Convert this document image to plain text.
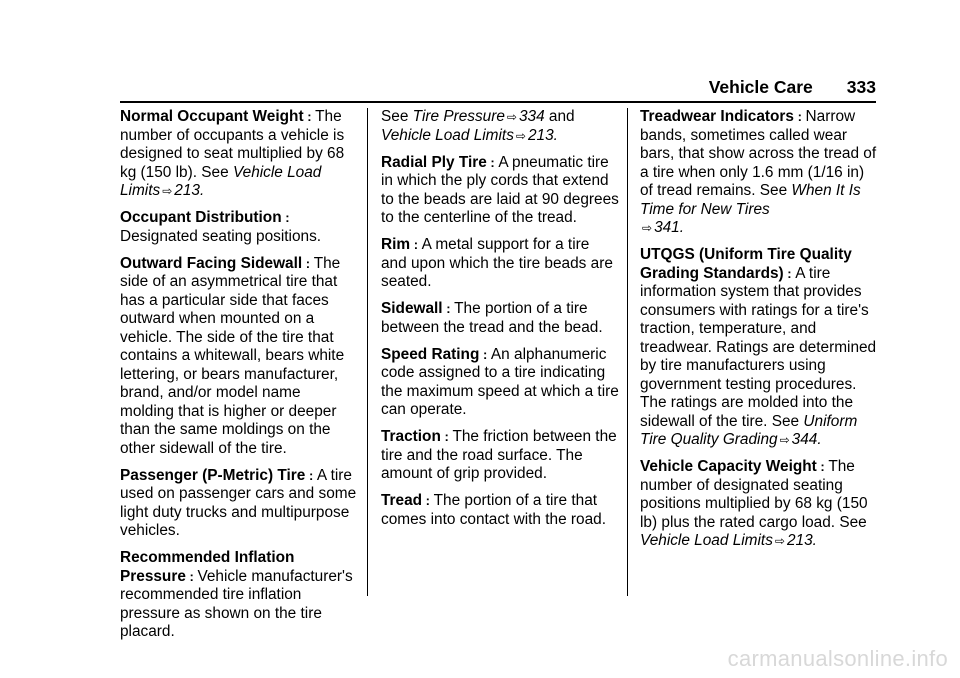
Vehicle Care 333

Normal Occupant Weight : The number of occupants a vehicle is designed to seat multiplied by 68 kg (150 lb). See Vehicle Load Limits ⇨ 213.

Occupant Distribution :
Designated seating positions.

Outward Facing Sidewall : The side of an asymmetrical tire that has a particular side that faces outward when mounted on a vehicle. The side of the tire that contains a whitewall, bears white lettering, or bears manufacturer, brand, and/or model name molding that is higher or deeper than the same moldings on the other sidewall of the tire.

Passenger (P-Metric) Tire : A tire used on passenger cars and some light duty trucks and multipurpose vehicles.

Recommended Inflation Pressure : Vehicle manufacturer's recommended tire inflation pressure as shown on the tire placard.

See Tire Pressure ⇨ 334 and Vehicle Load Limits ⇨ 213.

Radial Ply Tire : A pneumatic tire in which the ply cords that extend to the beads are laid at 90 degrees to the centerline of the tread.

Rim : A metal support for a tire and upon which the tire beads are seated.

Sidewall : The portion of a tire between the tread and the bead.

Speed Rating : An alphanumeric code assigned to a tire indicating the maximum speed at which a tire can operate.

Traction : The friction between the tire and the road surface. The amount of grip provided.

Tread : The portion of a tire that comes into contact with the road.

Treadwear Indicators : Narrow bands, sometimes called wear bars, that show across the tread of a tire when only 1.6 mm (1/16 in) of tread remains. See When It Is Time for New Tires
⇨ 341.

UTQGS (Uniform Tire Quality Grading Standards) : A tire information system that provides consumers with ratings for a tire's traction, temperature, and treadwear. Ratings are determined by tire manufacturers using government testing procedures. The ratings are molded into the sidewall of the tire. See Uniform Tire Quality Grading ⇨ 344.

Vehicle Capacity Weight : The number of designated seating positions multiplied by 68 kg (150 lb) plus the rated cargo load. See Vehicle Load Limits ⇨ 213.

carmanualsonline.info
